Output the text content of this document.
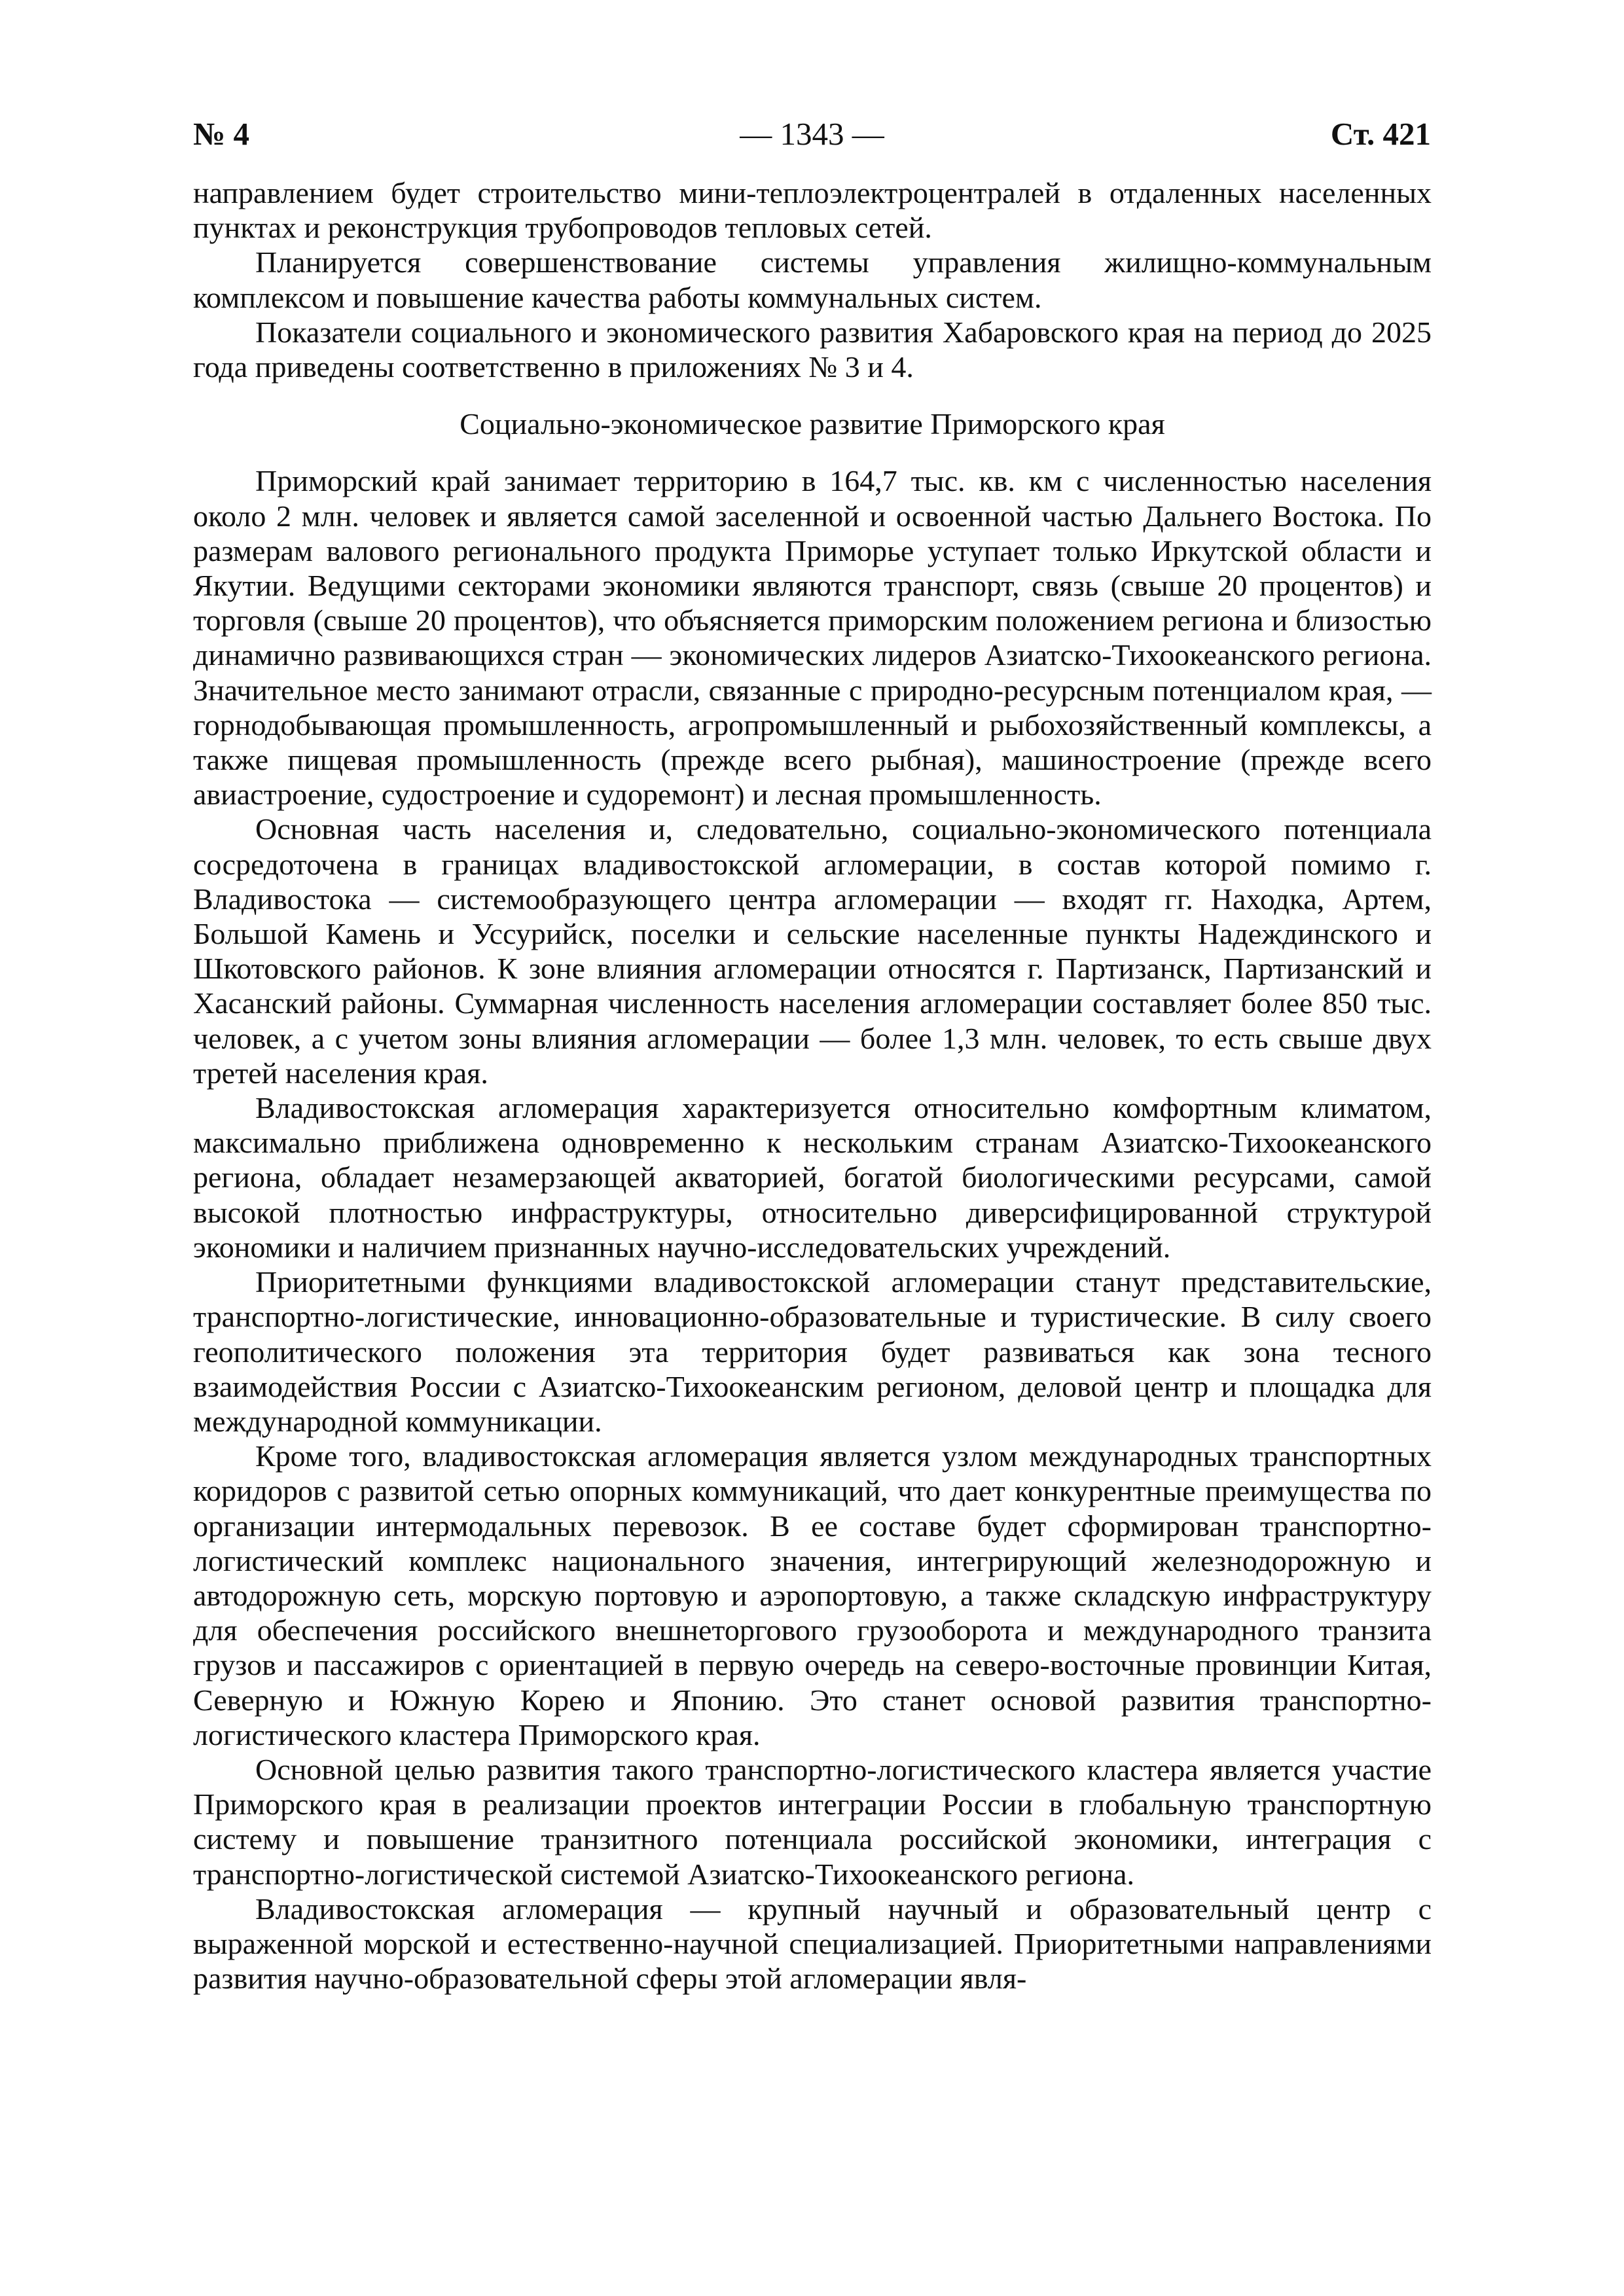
№ 4	— 1343 —	Ст. 421

направлением будет строительство мини-теплоэлектроцентралей в отдаленных населенных пунктах и реконструкция трубопроводов тепловых сетей.

Планируется совершенствование системы управления жилищно-коммунальным комплексом и повышение качества работы коммунальных систем.

Показатели социального и экономического развития Хабаровского края на период до 2025 года приведены соответственно в приложениях № 3 и 4.

Социально-экономическое развитие Приморского края

Приморский край занимает территорию в 164,7 тыс. кв. км с численностью населения около 2 млн. человек и является самой заселенной и освоенной частью Дальнего Востока. По размерам валового регионального продукта Приморье уступает только Иркутской области и Якутии. Ведущими секторами экономики являются транспорт, связь (свыше 20 процентов) и торговля (свыше 20 процентов), что объясняется приморским положением региона и близостью динамично развивающихся стран — экономических лидеров Азиатско-Тихоокеанского региона. Значительное место занимают отрасли, связанные с природно-ресурсным потенциалом края, — горнодобывающая промышленность, агропромышленный и рыбохозяйственный комплексы, а также пищевая промышленность (прежде всего рыбная), машиностроение (прежде всего авиастроение, судостроение и судоремонт) и лесная промышленность.

Основная часть населения и, следовательно, социально-экономического потенциала сосредоточена в границах владивостокской агломерации, в состав которой помимо г. Владивостока — системообразующего центра агломерации — входят гг. Находка, Артем, Большой Камень и Уссурийск, поселки и сельские населенные пункты Надеждинского и Шкотовского районов. К зоне влияния агломерации относятся г. Партизанск, Партизанский и Хасанский районы. Суммарная численность населения агломерации составляет более 850 тыс. человек, а с учетом зоны влияния агломерации — более 1,3 млн. человек, то есть свыше двух третей населения края.

Владивостокская агломерация характеризуется относительно комфортным климатом, максимально приближена одновременно к нескольким странам Азиатско-Тихоокеанского региона, обладает незамерзающей акваторией, богатой биологическими ресурсами, самой высокой плотностью инфраструктуры, относительно диверсифицированной структурой экономики и наличием признанных научно-исследовательских учреждений.

Приоритетными функциями владивостокской агломерации станут представительские, транспортно-логистические, инновационно-образовательные и туристические. В силу своего геополитического положения эта территория будет развиваться как зона тесного взаимодействия России с Азиатско-Тихоокеанским регионом, деловой центр и площадка для международной коммуникации.

Кроме того, владивостокская агломерация является узлом международных транспортных коридоров с развитой сетью опорных коммуникаций, что дает конкурентные преимущества по организации интермодальных перевозок. В ее составе будет сформирован транспортно-логистический комплекс национального значения, интегрирующий железнодорожную и автодорожную сеть, морскую портовую и аэропортовую, а также складскую инфраструктуру для обеспечения российского внешнеторгового грузооборота и международного транзита грузов и пассажиров с ориентацией в первую очередь на северо-восточные провинции Китая, Северную и Южную Корею и Японию. Это станет основой развития транспортно-логистического кластера Приморского края.

Основной целью развития такого транспортно-логистического кластера является участие Приморского края в реализации проектов интеграции России в глобальную транспортную систему и повышение транзитного потенциала российской экономики, интеграция с транспортно-логистической системой Азиатско-Тихоокеанского региона.

Владивостокская агломерация — крупный научный и образовательный центр с выраженной морской и естественно-научной специализацией. Приоритетными направлениями развития научно-образовательной сферы этой агломерации явля-
